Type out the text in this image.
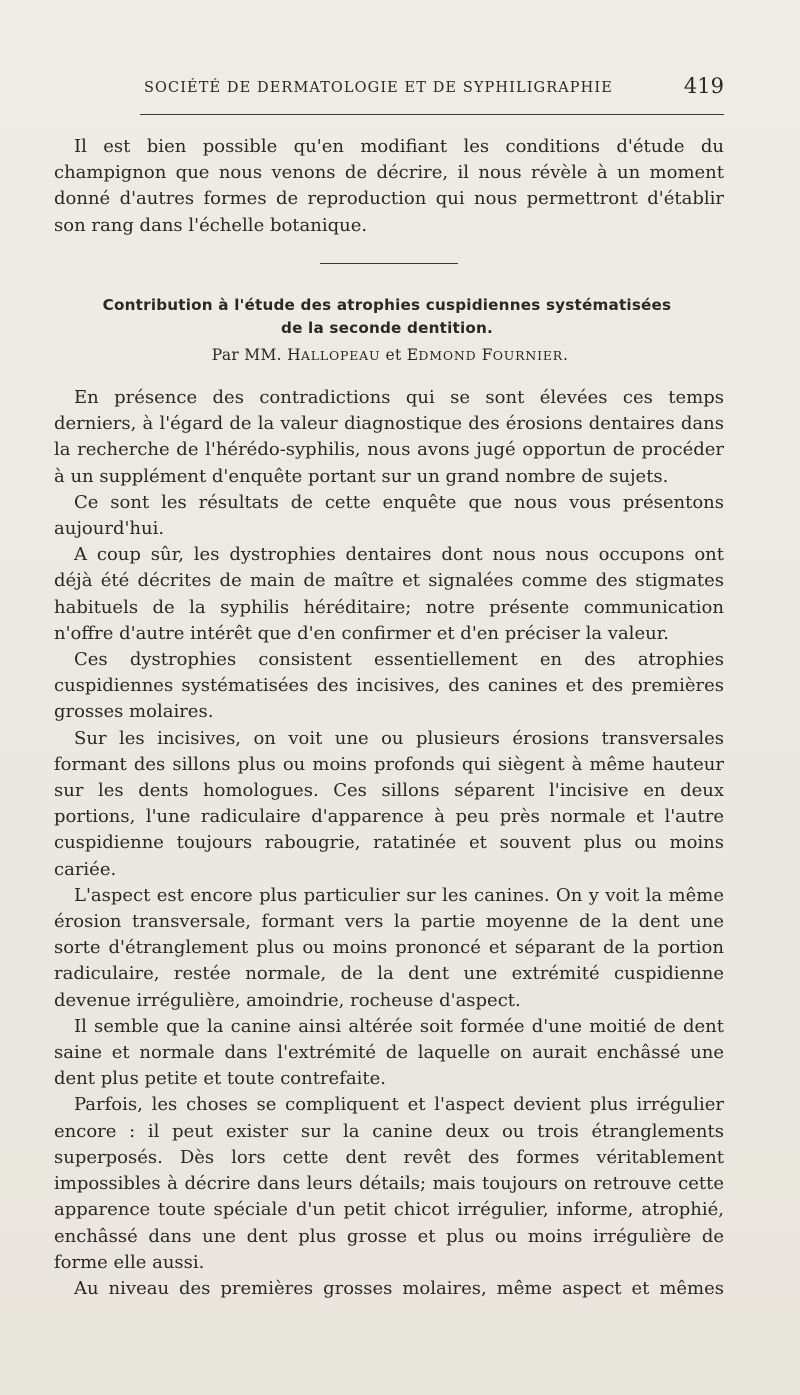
SOCIÉTÉ DE DERMATOLOGIE ET DE SYPHILIGRAPHIE	419

Il est bien possible qu'en modifiant les conditions d'étude du champignon que nous venons de décrire, il nous révèle à un moment donné d'autres formes de reproduction qui nous permettront d'établir son rang dans l'échelle botanique.

Contribution à l'étude des atrophies cuspidiennes systématisées
de la seconde dentition.
Par MM. HALLOPEAU et EDMOND FOURNIER.

En présence des contradictions qui se sont élevées ces temps derniers, à l'égard de la valeur diagnostique des érosions dentaires dans la recherche de l'hérédo-syphilis, nous avons jugé opportun de procéder à un supplément d'enquête portant sur un grand nombre de sujets.

Ce sont les résultats de cette enquête que nous vous présentons aujourd'hui.

A coup sûr, les dystrophies dentaires dont nous nous occupons ont déjà été décrites de main de maître et signalées comme des stigmates habituels de la syphilis héréditaire; notre présente communication n'offre d'autre intérêt que d'en confirmer et d'en préciser la valeur.

Ces dystrophies consistent essentiellement en des atrophies cuspidiennes systématisées des incisives, des canines et des premières grosses molaires.

Sur les incisives, on voit une ou plusieurs érosions transversales formant des sillons plus ou moins profonds qui siègent à même hauteur sur les dents homologues. Ces sillons séparent l'incisive en deux portions, l'une radiculaire d'apparence à peu près normale et l'autre cuspidienne toujours rabougrie, ratatinée et souvent plus ou moins cariée.

L'aspect est encore plus particulier sur les canines. On y voit la même érosion transversale, formant vers la partie moyenne de la dent une sorte d'étranglement plus ou moins prononcé et séparant de la portion radiculaire, restée normale, de la dent une extrémité cuspidienne devenue irrégulière, amoindrie, rocheuse d'aspect.

Il semble que la canine ainsi altérée soit formée d'une moitié de dent saine et normale dans l'extrémité de laquelle on aurait enchâssé une dent plus petite et toute contrefaite.

Parfois, les choses se compliquent et l'aspect devient plus irrégulier encore : il peut exister sur la canine deux ou trois étranglements superposés. Dès lors cette dent revêt des formes véritablement impossibles à décrire dans leurs détails; mais toujours on retrouve cette apparence toute spéciale d'un petit chicot irrégulier, informe, atrophié, enchâssé dans une dent plus grosse et plus ou moins irrégulière de forme elle aussi.

Au niveau des premières grosses molaires, même aspect et mêmes
